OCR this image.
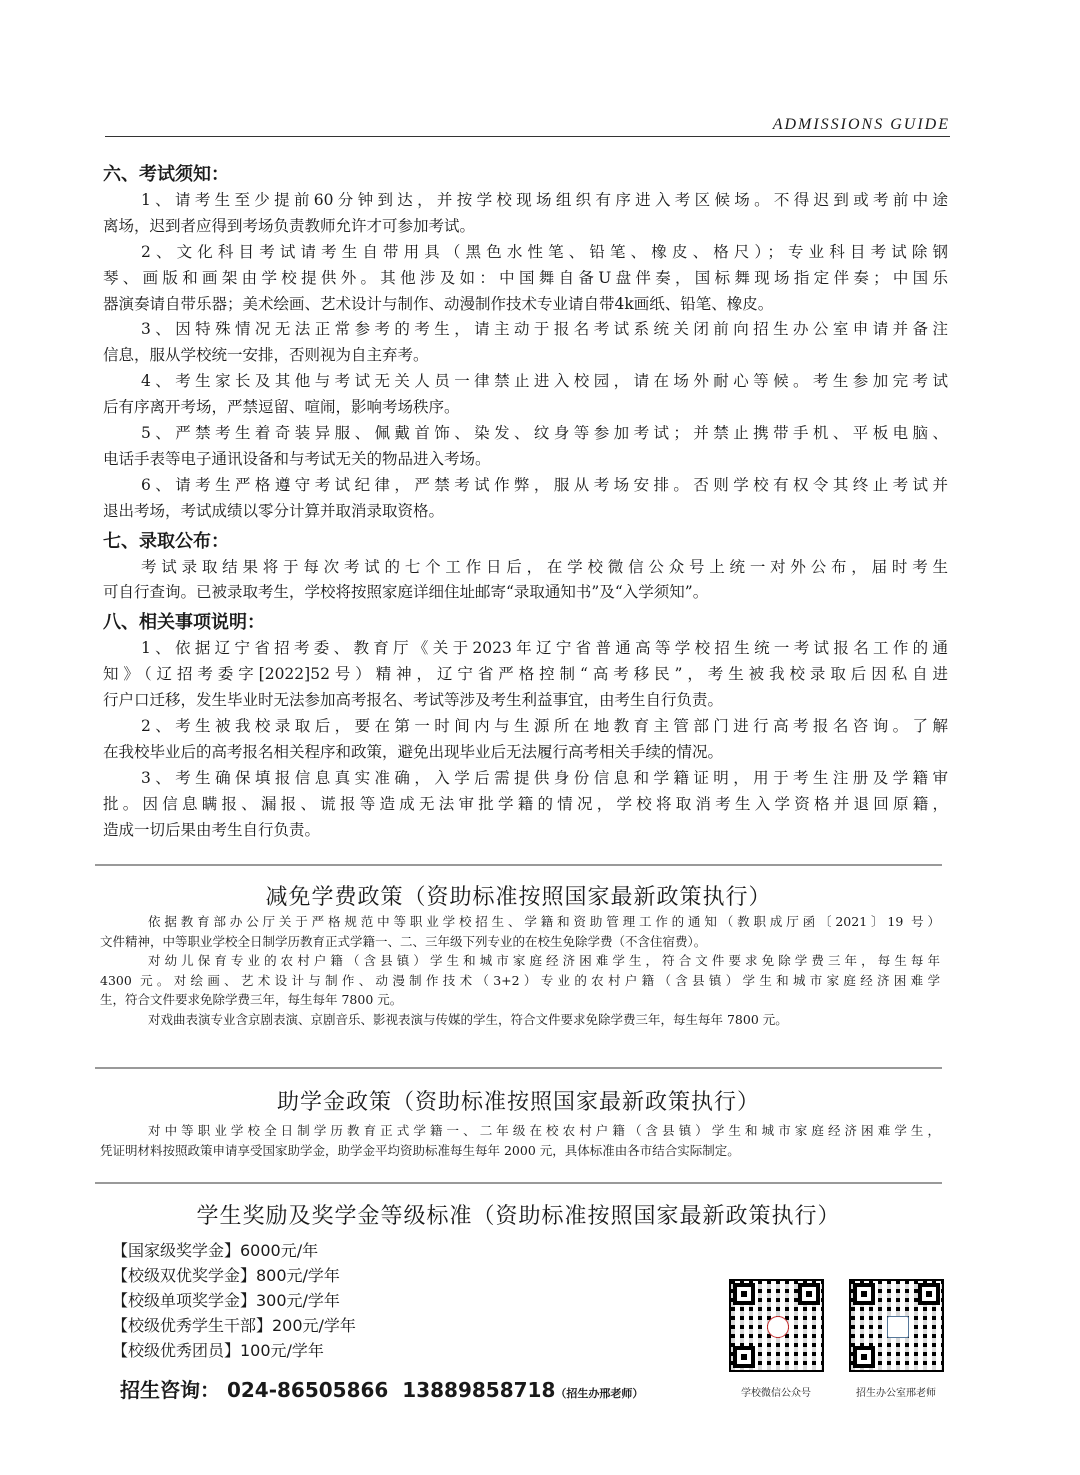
ADMISSIONS GUIDE
六、考试须知：
1、请考生至少提前60分钟到达，并按学校现场组织有序进入考区候场。不得迟到或考前中途
离场，迟到者应得到考场负责教师允许才可参加考试。
2、文化科目考试请考生自带用具（黑色水性笔、铅笔、橡皮、格尺）；专业科目考试除钢
琴、画版和画架由学校提供外。其他涉及如：中国舞自备U盘伴奏，国标舞现场指定伴奏；中国乐
器演奏请自带乐器；美术绘画、艺术设计与制作、动漫制作技术专业请自带4k画纸、铅笔、橡皮。
3、因特殊情况无法正常参考的考生，请主动于报名考试系统关闭前向招生办公室申请并备注
信息，服从学校统一安排，否则视为自主弃考。
4、考生家长及其他与考试无关人员一律禁止进入校园，请在场外耐心等候。考生参加完考试
后有序离开考场，严禁逗留、喧闹，影响考场秩序。
5、严禁考生着奇装异服、佩戴首饰、染发、纹身等参加考试；并禁止携带手机、平板电脑、
电话手表等电子通讯设备和与考试无关的物品进入考场。
6、请考生严格遵守考试纪律，严禁考试作弊，服从考场安排。否则学校有权令其终止考试并
退出考场，考试成绩以零分计算并取消录取资格。
七、录取公布：
考试录取结果将于每次考试的七个工作日后，在学校微信公众号上统一对外公布，届时考生
可自行查询。已被录取考生，学校将按照家庭详细住址邮寄“录取通知书”及“入学须知”。
八、相关事项说明：
1、依据辽宁省招考委、教育厅《关于2023年辽宁省普通高等学校招生统一考试报名工作的通
知》（辽招考委字[2022]52号）精神，辽宁省严格控制“高考移民”，考生被我校录取后因私自进
行户口迁移，发生毕业时无法参加高考报名、考试等涉及考生利益事宜，由考生自行负责。
2、考生被我校录取后，要在第一时间内与生源所在地教育主管部门进行高考报名咨询。了解
在我校毕业后的高考报名相关程序和政策，避免出现毕业后无法履行高考相关手续的情况。
3、考生确保填报信息真实准确，入学后需提供身份信息和学籍证明，用于考生注册及学籍审
批。因信息瞒报、漏报、谎报等造成无法审批学籍的情况，学校将取消考生入学资格并退回原籍，
造成一切后果由考生自行负责。
减免学费政策（资助标准按照国家最新政策执行）
依据教育部办公厅关于严格规范中等职业学校招生、学籍和资助管理工作的通知（教职成厅函〔2021〕19 号）
文件精神，中等职业学校全日制学历教育正式学籍一、二、三年级下列专业的在校生免除学费（不含住宿费）。
对幼儿保育专业的农村户籍（含县镇）学生和城市家庭经济困难学生，符合文件要求免除学费三年，每生每年
4300 元。对绘画、艺术设计与制作、动漫制作技术（3+2）专业的农村户籍（含县镇）学生和城市家庭经济困难学
生，符合文件要求免除学费三年，每生每年 7800 元。
对戏曲表演专业含京剧表演、京剧音乐、影视表演与传媒的学生，符合文件要求免除学费三年，每生每年 7800 元。
助学金政策（资助标准按照国家最新政策执行）
对中等职业学校全日制学历教育正式学籍一、二年级在校农村户籍（含县镇）学生和城市家庭经济困难学生，
凭证明材料按照政策申请享受国家助学金，助学金平均资助标准每生每年 2000 元，具体标准由各市结合实际制定。
学生奖励及奖学金等级标准（资助标准按照国家最新政策执行）
【国家级奖学金】6000元/年
【校级双优奖学金】800元/学年
【校级单项奖学金】300元/学年
【校级优秀学生干部】200元/学年
【校级优秀团员】100元/学年
招生咨询： 024-86505866 13889858718（招生办邢老师）	学校微信公众号	招生办公室邢老师
